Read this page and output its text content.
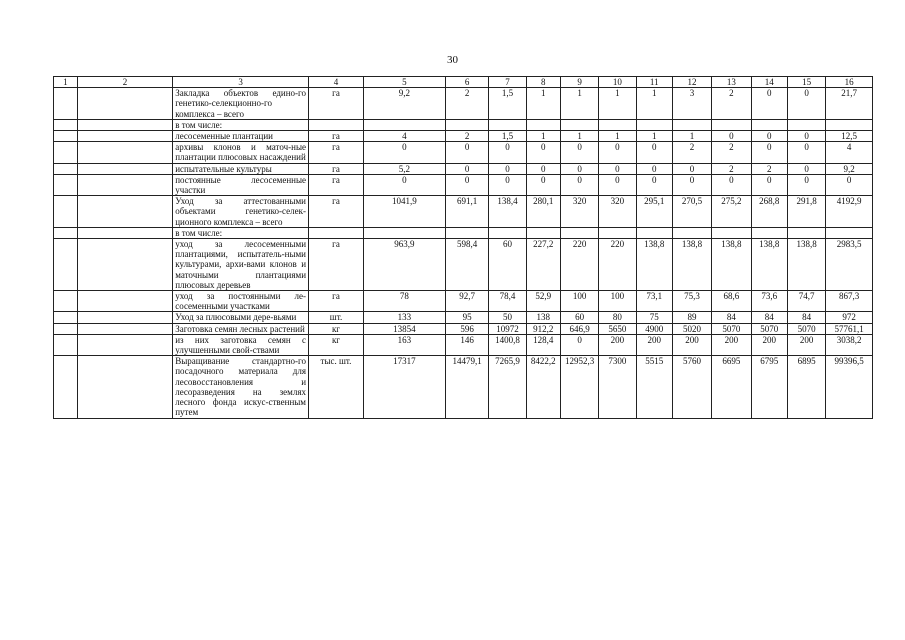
30
1	2	3	4	5	6	7	8	9	10	11	12	13	14	15	16
		Закладка объектов едино-го генетико-селекционно-го комплекса – всего	га	9,2	2	1,5	1	1	1	1	3	2	0	0	21,7
		в том числе:													
		лесосеменные плантации	га	4	2	1,5	1	1	1	1	1	0	0	0	12,5
		архивы клонов и маточ-ные плантации плюсовых насаждений	га	0	0	0	0	0	0	0	2	2	0	0	4
		испытательные культуры	га	5,2	0	0	0	0	0	0	0	2	2	0	9,2
		постоянные лесосеменные участки	га	0	0	0	0	0	0	0	0	0	0	0	0
		Уход за аттестованными объектами генетико-селек-ционного комплекса – всего	га	1041,9	691,1	138,4	280,1	320	320	295,1	270,5	275,2	268,8	291,8	4192,9
		в том числе:													
		уход за лесосеменными плантациями, испытатель-ными культурами, архи-вами клонов и маточными плантациями плюсовых деревьев	га	963,9	598,4	60	227,2	220	220	138,8	138,8	138,8	138,8	138,8	2983,5
		уход за постоянными ле-сосеменными участками	га	78	92,7	78,4	52,9	100	100	73,1	75,3	68,6	73,6	74,7	867,3
		Уход за плюсовыми дере-вьями	шт.	133	95	50	138	60	80	75	89	84	84	84	972
		Заготовка семян лесных растений	кг	13854	596	10972	912,2	646,9	5650	4900	5020	5070	5070	5070	57761,1
		из них заготовка семян с улучшенными свой-ствами	кг	163	146	1400,8	128,4	0	200	200	200	200	200	200	3038,2
		Выращивание стандартно-го посадочного материала для лесовосстановления и лесоразведения на землях лесного фонда искус-ственным путем	тыс. шт.	17317	14479,1	7265,9	8422,2	12952,3	7300	5515	5760	6695	6795	6895	99396,5
